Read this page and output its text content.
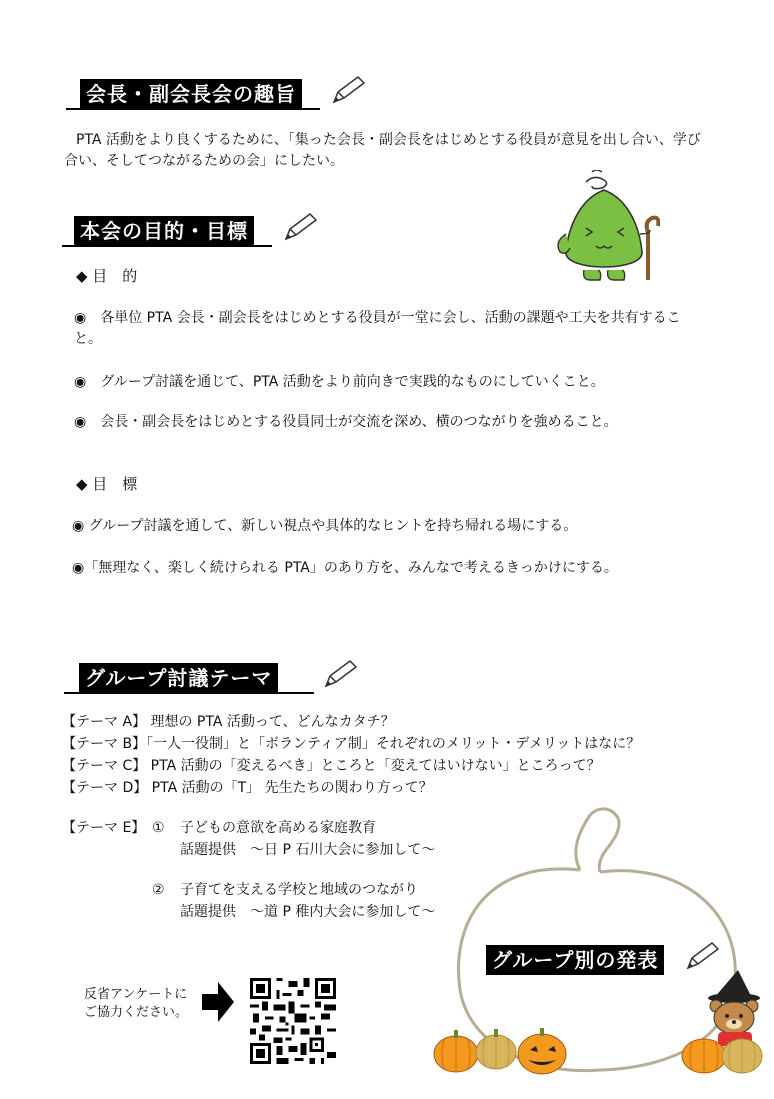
会長・副会長会の趣旨
PTA 活動をより良くするために、「集った会長・副会長をはじめとする役員が意見を出し合い、学び合い、そしてつながるための会」にしたい。
本会の目的・目標
◆ 目　的
◉　各単位 PTA 会長・副会長をはじめとする役員が一堂に会し、活動の課題や工夫を共有すること。
◉　グループ討議を通じて、PTA 活動をより前向きで実践的なものにしていくこと。
◉　会長・副会長をはじめとする役員同士が交流を深め、横のつながりを強めること。
◆ 目　標
◉ グループ討議を通して、新しい視点や具体的なヒントを持ち帰れる場にする。
◉「無理なく、楽しく続けられる PTA」のあり方を、みんなで考えるきっかけにする。
グループ討議テーマ
【テーマ A】 理想の PTA 活動って、どんなカタチ？
【テーマ B】「一人一役制」と「ボランティア制」それぞれのメリット・デメリットはなに？
【テーマ C】 PTA 活動の「変えるべき」ところと「変えてはいけない」ところって？
【テーマ D】 PTA 活動の「T」 先生たちの関わり方って？
【テーマ E】 ① 子どもの意欲を高める家庭教育
話題提供　～日 P 石川大会に参加して～
② 子育てを支える学校と地域のつながり
話題提供　～道 P 稚内大会に参加して～
グループ別の発表
反省アンケートに
ご協力ください。
